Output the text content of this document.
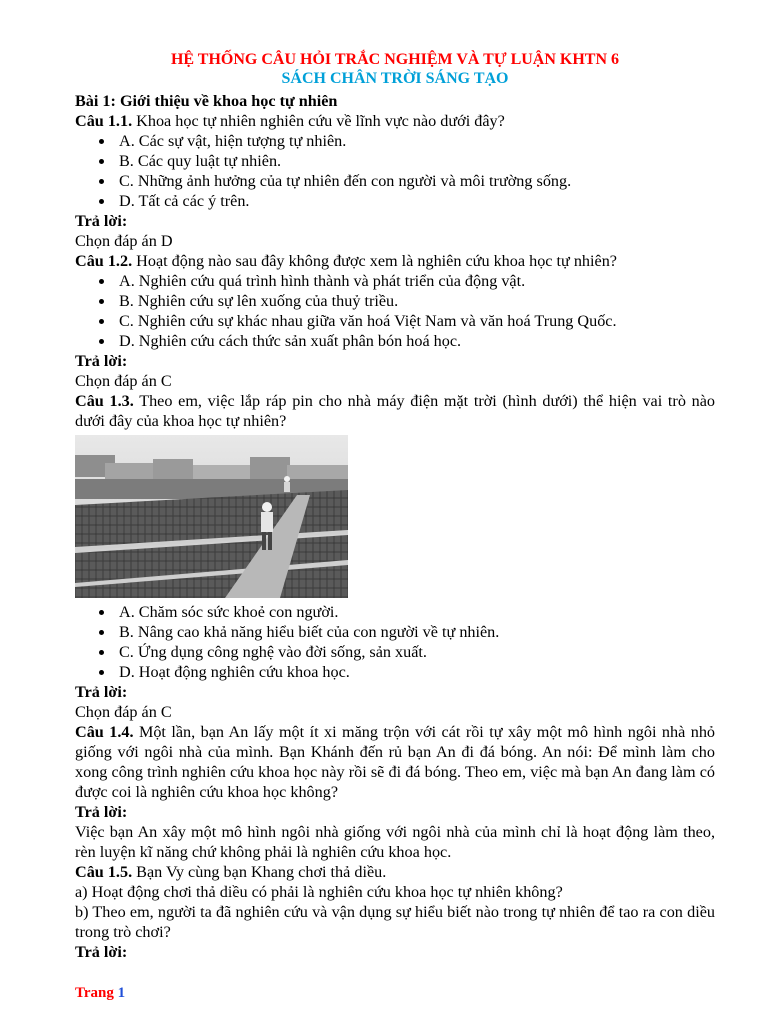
HỆ THỐNG CÂU HỎI TRẮC NGHIỆM VÀ TỰ LUẬN KHTN 6
SÁCH CHÂN TRỜI SÁNG TẠO
Bài 1: Giới thiệu về khoa học tự nhiên

Câu 1.1. Khoa học tự nhiên nghiên cứu về lĩnh vực nào dưới đây?

A. Các sự vật, hiện tượng tự nhiên.
B. Các quy luật tự nhiên.
C. Những ảnh hưởng của tự nhiên đến con người và môi trường sống.
D. Tất cả các ý trên.
Trả lời:
Chọn đáp án D

Câu 1.2. Hoạt động nào sau đây không được xem là nghiên cứu khoa học tự nhiên?

A. Nghiên cứu quá trình hình thành và phát triển của động vật.
B. Nghiên cứu sự lên xuống của thuỷ triều.
C. Nghiên cứu sự khác nhau giữa văn hoá Việt Nam và văn hoá Trung Quốc.
D. Nghiên cứu cách thức sản xuất phân bón hoá học.
Trả lời:
Chọn đáp án C

Câu 1.3. Theo em, việc lắp ráp pin cho nhà máy điện mặt trời (hình dưới) thể hiện vai trò nào dưới đây của khoa học tự nhiên?

A. Chăm sóc sức khoẻ con người.
B. Nâng cao khả năng hiểu biết của con người về tự nhiên.
C. Ứng dụng công nghệ vào đời sống, sản xuất.
D. Hoạt động nghiên cứu khoa học.
Trả lời:
Chọn đáp án C

Câu 1.4. Một lần, bạn An lấy một ít xi măng trộn với cát rồi tự xây một mô hình ngôi nhà nhỏ giống với ngôi nhà của mình. Bạn Khánh đến rủ bạn An đi đá bóng. An nói: Để mình làm cho xong công trình nghiên cứu khoa học này rồi sẽ đi đá bóng. Theo em, việc mà bạn An đang làm có được coi là nghiên cứu khoa học không?

Trả lời:
Việc bạn An xây một mô hình ngôi nhà giống với ngôi nhà của mình chỉ là hoạt động làm theo, rèn luyện kĩ năng chứ không phải là nghiên cứu khoa học.

Câu 1.5. Bạn Vy cùng bạn Khang chơi thả diều.

a) Hoạt động chơi thả diều có phải là nghiên cứu khoa học tự nhiên không?
b) Theo em, người ta đã nghiên cứu và vận dụng sự hiểu biết nào trong tự nhiên để tao ra con diều trong trò chơi?
Trả lời:
Trang 1
